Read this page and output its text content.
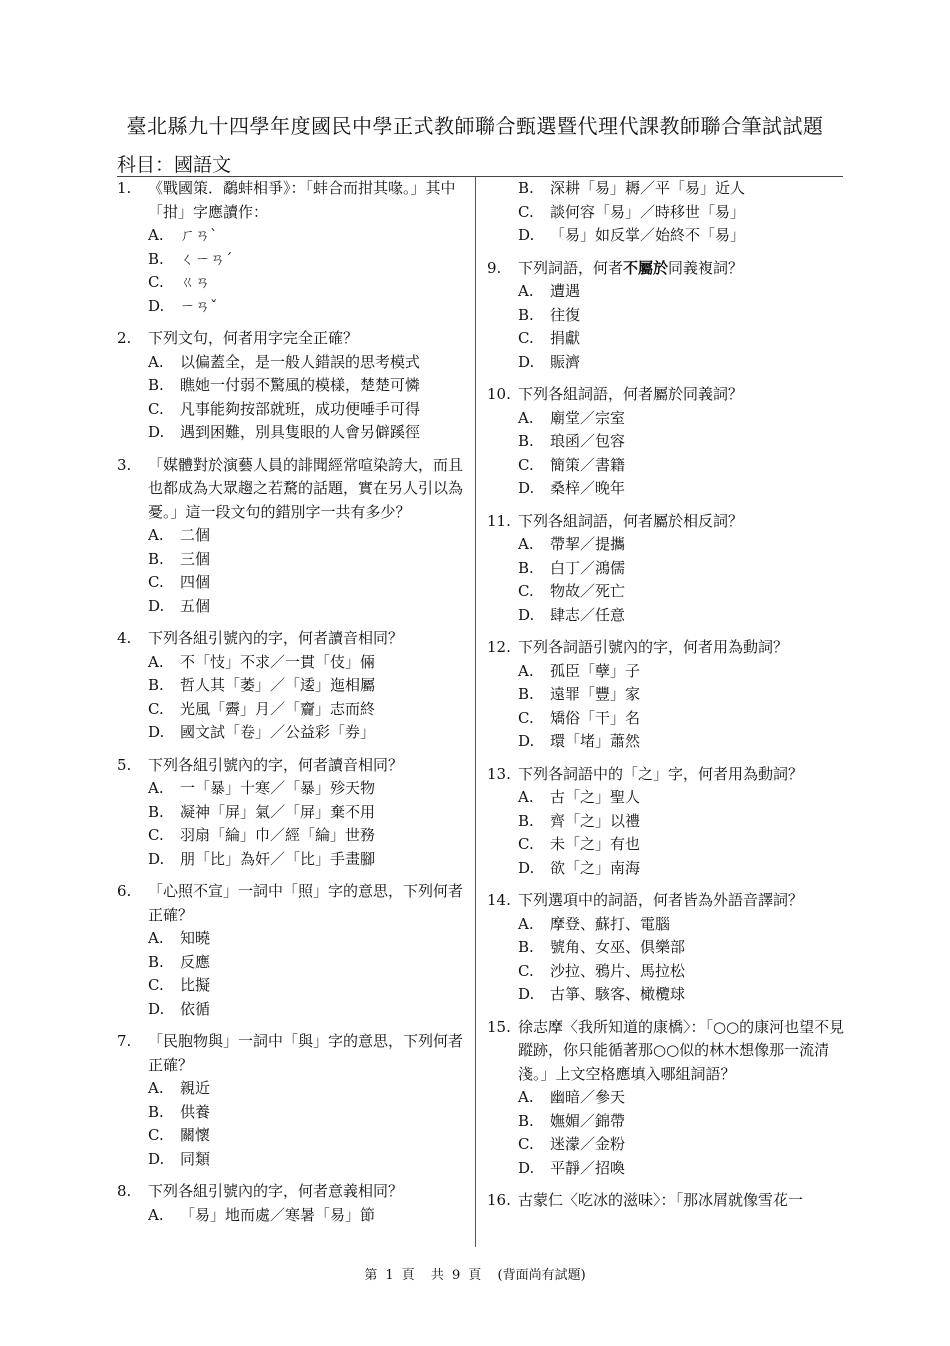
臺北縣九十四學年度國民中學正式教師聯合甄選暨代理代課教師聯合筆試試題
科目：國語文
1.	《戰國策．鷸蚌相爭》：「蚌合而拑其喙。」其中「拑」字應讀作：
A.	ㄏㄢˋ
B.	ㄑㄧㄢˊ
C.	ㄍㄢ
D.	ㄧㄢˇ
2.	下列文句，何者用字完全正確？
A.	以偏蓋全，是一般人錯誤的思考模式
B.	瞧她一付弱不驚風的模樣，楚楚可憐
C.	凡事能夠按部就班，成功便唾手可得
D.	遇到困難，別具隻眼的人會另僻蹊徑
3.	「媒體對於演藝人員的誹聞經常喧染誇大，而且也都成為大眾趨之若騖的話題，實在另人引以為憂。」這一段文句的錯別字一共有多少？
A.	二個
B.	三個
C.	四個
D.	五個
4.	下列各組引號內的字，何者讀音相同？
A.	不「忮」不求／一貫「伎」倆
B.	哲人其「萎」／「逶」迤相屬
C.	光風「霽」月／「齎」志而終
D.	國文試「卷」／公益彩「券」
5.	下列各組引號內的字，何者讀音相同？
A.	一「暴」十寒／「暴」殄天物
B.	凝神「屏」氣／「屏」棄不用
C.	羽扇「綸」巾／經「綸」世務
D.	朋「比」為奸／「比」手畫腳
6.	「心照不宣」一詞中「照」字的意思，下列何者正確？
A.	知曉
B.	反應
C.	比擬
D.	依循
7.	「民胞物與」一詞中「與」字的意思，下列何者正確？
A.	親近
B.	供養
C.	關懷
D.	同類
8.	下列各組引號內的字，何者意義相同？
A.	「易」地而處／寒暑「易」節
B.	深耕「易」耨／平「易」近人
C.	談何容「易」／時移世「易」
D.	「易」如反掌／始終不「易」
9.	下列詞語，何者不屬於同義複詞？
A.	遭遇
B.	往復
C.	捐獻
D.	賑濟
10. 下列各組詞語，何者屬於同義詞？
A.	廟堂／宗室
B.	琅函／包容
C.	簡策／書籍
D.	桑梓／晚年
11. 下列各組詞語，何者屬於相反詞？
A.	帶挈／提攜
B.	白丁／鴻儒
C.	物故／死亡
D.	肆志／任意
12. 下列各詞語引號內的字，何者用為動詞？
A.	孤臣「孽」子
B.	遠罪「豐」家
C.	矯俗「干」名
D.	環「堵」蕭然
13. 下列各詞語中的「之」字，何者用為動詞？
A.	古「之」聖人
B.	齊「之」以禮
C.	未「之」有也
D.	欲「之」南海
14. 下列選項中的詞語，何者皆為外語音譯詞？
A.	摩登、蘇打、電腦
B.	號角、女巫、俱樂部
C.	沙拉、鴉片、馬拉松
D.	古箏、駭客、橄欖球
15. 徐志摩〈我所知道的康橋〉：「○○的康河也望不見蹤跡，你只能循著那○○似的林木想像那一流清淺。」上文空格應填入哪組詞語？
A.	幽暗／參天
B.	嫵媚／錦帶
C.	迷濛／金粉
D.	平靜／招喚
16. 古蒙仁〈吃冰的滋味〉：「那冰屑就像雪花一
第 1 頁 共 9 頁 (背面尚有試題)
